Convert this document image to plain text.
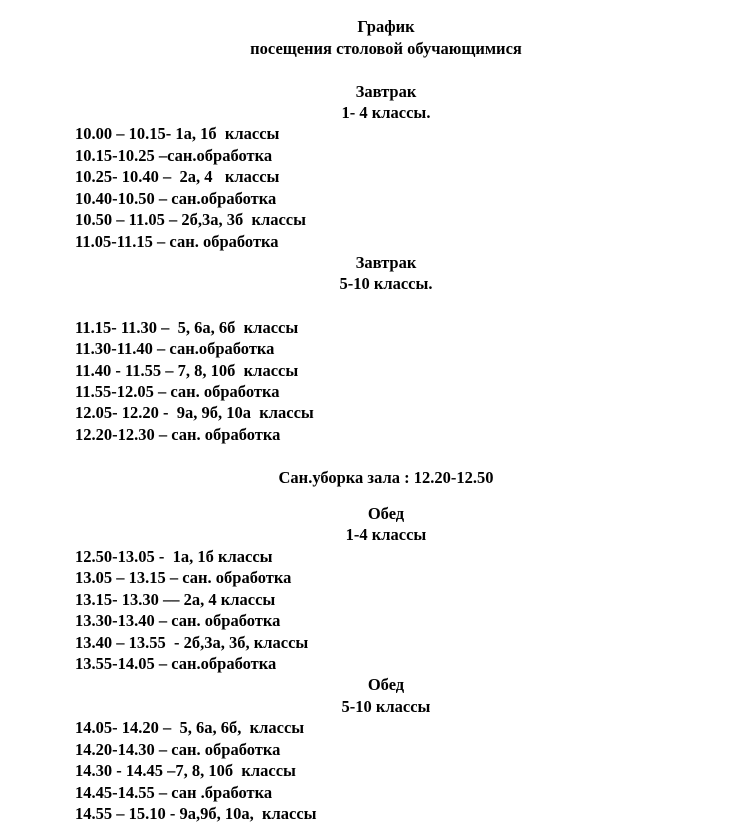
График
посещения столовой обучающимися
Завтрак
1- 4 классы.
10.00 – 10.15- 1а, 1б  классы
10.15-10.25 –сан.обработка
10.25- 10.40 –  2а, 4   классы
10.40-10.50 – сан.обработка
10.50 – 11.05 – 2б,3а, 3б  классы
11.05-11.15 – сан. обработка
Завтрак
5-10 классы.
11.15- 11.30 –  5, 6а, 6б  классы
11.30-11.40 – сан.обработка
11.40 - 11.55 – 7, 8, 10б  классы
11.55-12.05 – сан. обработка
12.05- 12.20 -  9а, 9б, 10а  классы
12.20-12.30 – сан. обработка
Сан.уборка зала : 12.20-12.50
Обед
1-4 классы
12.50-13.05 -  1а, 1б классы
13.05 – 13.15 – сан. обработка
13.15- 13.30 –– 2а, 4 классы
13.30-13.40 – сан. обработка
13.40 – 13.55  - 2б,3а, 3б, классы
13.55-14.05 – сан.обработка
Обед
5-10 классы
14.05- 14.20 –  5, 6а, 6б,  классы
14.20-14.30 – сан. обработка
14.30 - 14.45 –7, 8, 10б  классы
14.45-14.55 – сан .бработка
14.55 – 15.10 - 9а,9б, 10а,  классы
